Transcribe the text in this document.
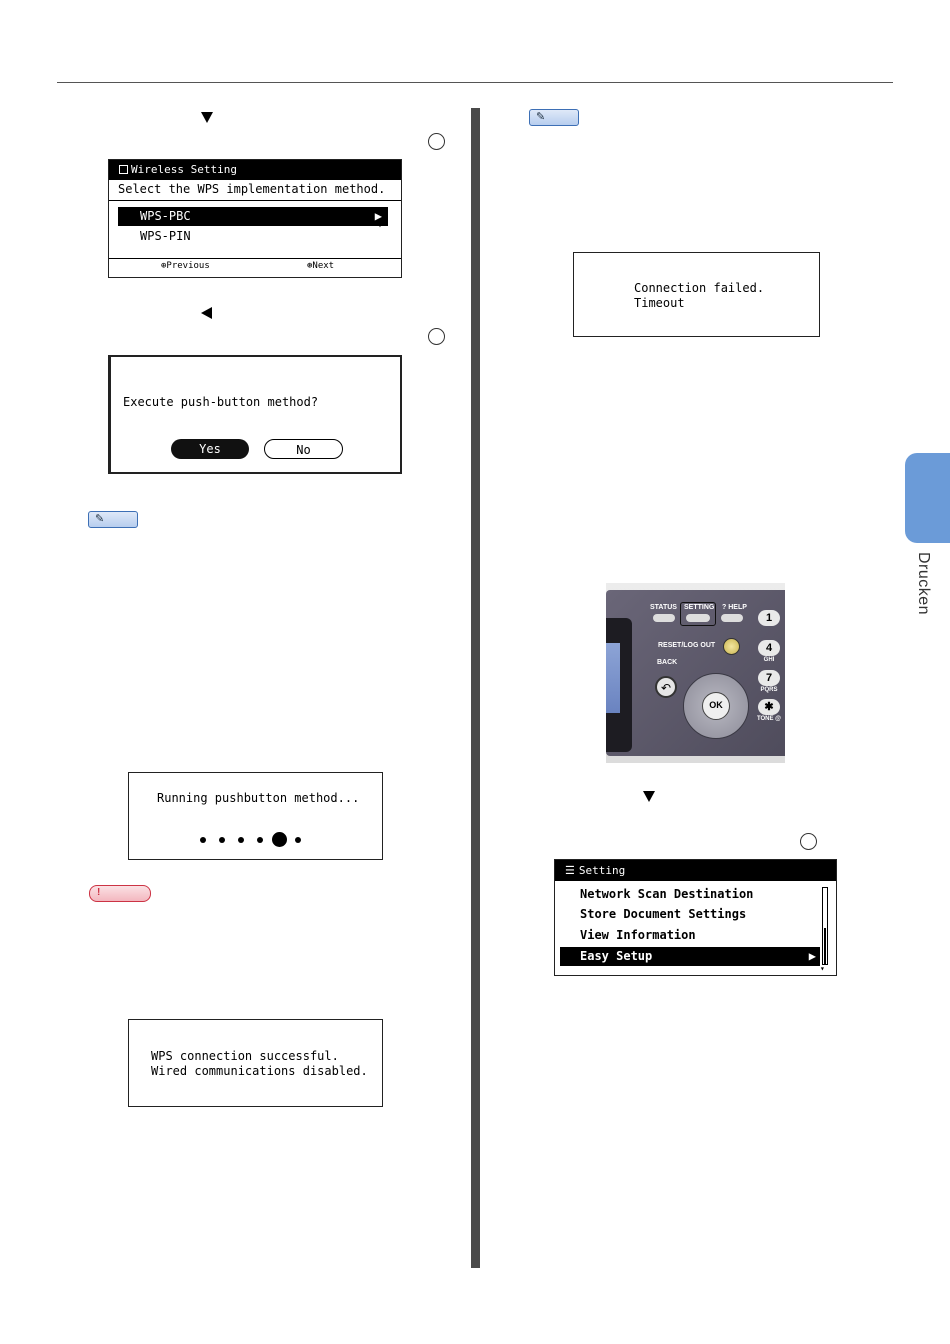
Drucken
Wireless Setting
Select the WPS implementation method.
WPS-PBC	▶
WPS-PIN
▾
⊕Previous	⊛Next
Execute push-button method?
Yes	No
✎
Running pushbutton method...
!
WPS connection successful.
Wired communications disabled.
✎
Connection failed.
Timeout
STATUS SETTING ? HELP
RESET/LOG OUT
BACK
↶
OK
1
4
GHI
7
PQRS
✱
TONE @
☰ Setting
Network Scan Destination
Store Document Settings
View Information
Easy Setup	▶
▾
